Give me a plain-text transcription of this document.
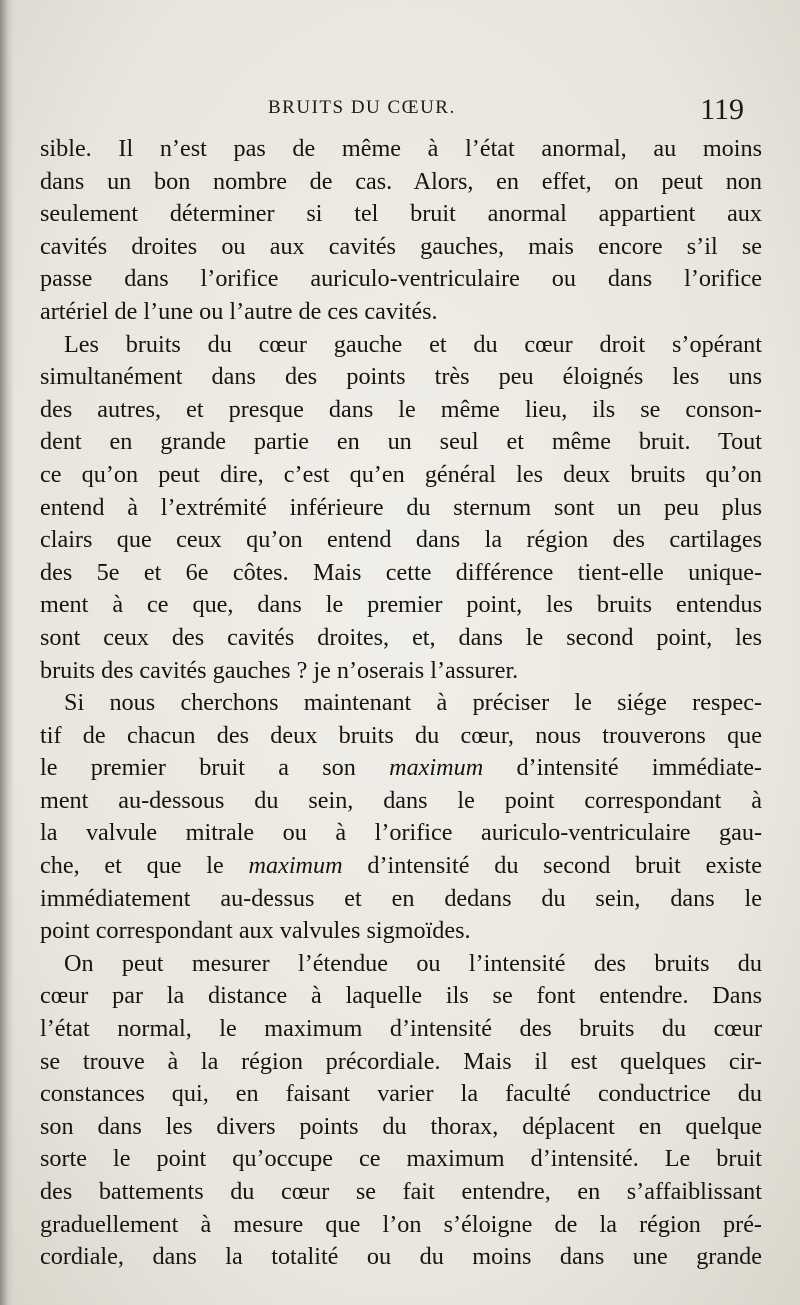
BRUITS DU CŒUR.	119
sible. Il n’est pas de même à l’état anormal, au moins
dans un bon nombre de cas. Alors, en effet, on peut non
seulement déterminer si tel bruit anormal appartient aux
cavités droites ou aux cavités gauches, mais encore s’il se
passe dans l’orifice auriculo-ventriculaire ou dans l’orifice
artériel de l’une ou l’autre de ces cavités.
Les bruits du cœur gauche et du cœur droit s’opérant
simultanément dans des points très peu éloignés les uns
des autres, et presque dans le même lieu, ils se conson-
dent en grande partie en un seul et même bruit. Tout
ce qu’on peut dire, c’est qu’en général les deux bruits qu’on
entend à l’extrémité inférieure du sternum sont un peu plus
clairs que ceux qu’on entend dans la région des cartilages
des 5e et 6e côtes. Mais cette différence tient-elle unique-
ment à ce que, dans le premier point, les bruits entendus
sont ceux des cavités droites, et, dans le second point, les
bruits des cavités gauches ? je n’oserais l’assurer.
Si nous cherchons maintenant à préciser le siége respec-
tif de chacun des deux bruits du cœur, nous trouverons que
le premier bruit a son maximum d’intensité immédiate-
ment au-dessous du sein, dans le point correspondant à
la valvule mitrale ou à l’orifice auriculo-ventriculaire gau-
che, et que le maximum d’intensité du second bruit existe
immédiatement au-dessus et en dedans du sein, dans le
point correspondant aux valvules sigmoïdes.
On peut mesurer l’étendue ou l’intensité des bruits du
cœur par la distance à laquelle ils se font entendre. Dans
l’état normal, le maximum d’intensité des bruits du cœur
se trouve à la région précordiale. Mais il est quelques cir-
constances qui, en faisant varier la faculté conductrice du
son dans les divers points du thorax, déplacent en quelque
sorte le point qu’occupe ce maximum d’intensité. Le bruit
des battements du cœur se fait entendre, en s’affaiblissant
graduellement à mesure que l’on s’éloigne de la région pré-
cordiale, dans la totalité ou du moins dans une grande
